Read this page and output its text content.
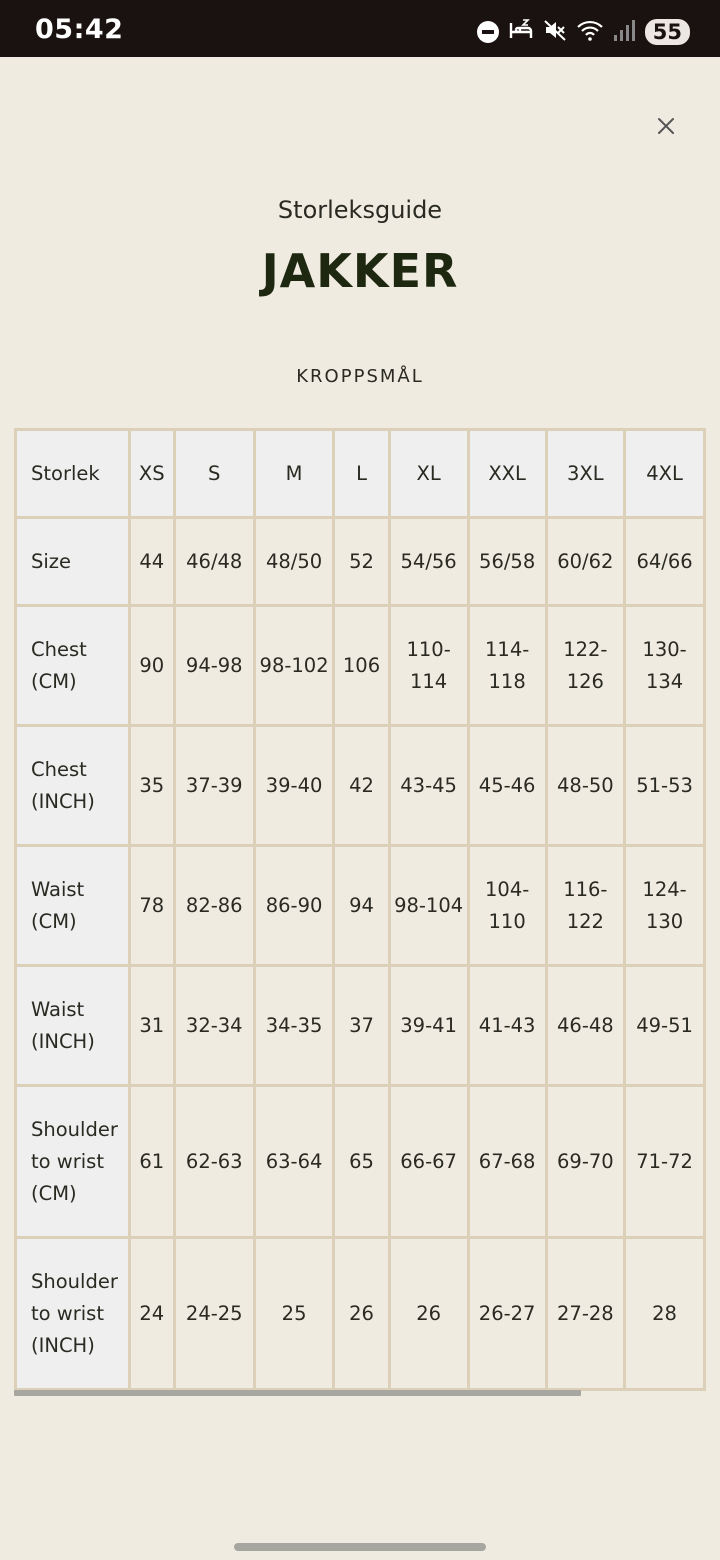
05:42	55
Storleksguide
JAKKER
KROPPSMÅL
Storlek	XS	S	M	L	XL	XXL	3XL	4XL
Size	44	46/48	48/50	52	54/56	56/58	60/62	64/66
Chest (CM)	90	94-98	98-102	106	110-114	114-118	122-126	130-134
Chest (INCH)	35	37-39	39-40	42	43-45	45-46	48-50	51-53
Waist (CM)	78	82-86	86-90	94	98-104	104-110	116-122	124-130
Waist (INCH)	31	32-34	34-35	37	39-41	41-43	46-48	49-51
Shoulder to wrist (CM)	61	62-63	63-64	65	66-67	67-68	69-70	71-72
Shoulder to wrist (INCH)	24	24-25	25	26	26	26-27	27-28	28
